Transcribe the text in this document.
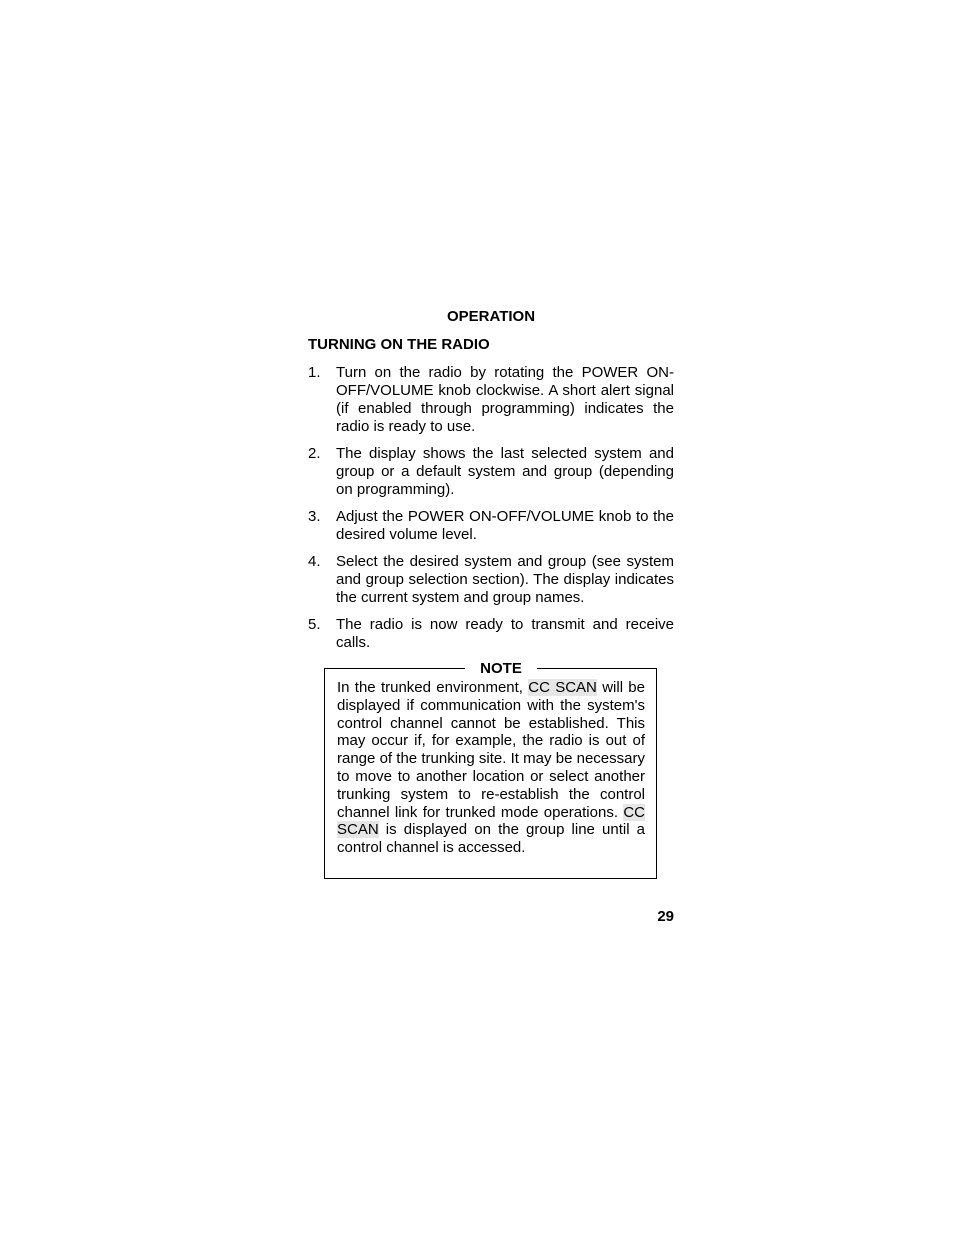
OPERATION
TURNING ON THE RADIO
1. Turn on the radio by rotating the POWER ON-OFF/VOLUME knob clockwise. A short alert signal (if enabled through programming) indicates the radio is ready to use.
2. The display shows the last selected system and group or a default system and group (depending on programming).
3. Adjust the POWER ON-OFF/VOLUME knob to the desired volume level.
4. Select the desired system and group (see system and group selection section). The display indicates the current system and group names.
5. The radio is now ready to transmit and receive calls.
NOTE

In the trunked environment, CC SCAN will be displayed if communication with the system's control channel cannot be established. This may occur if, for example, the radio is out of range of the trunking site. It may be necessary to move to another location or select another trunking system to re-establish the control channel link for trunked mode operations. CC SCAN is displayed on the group line until a control channel is accessed.

29
